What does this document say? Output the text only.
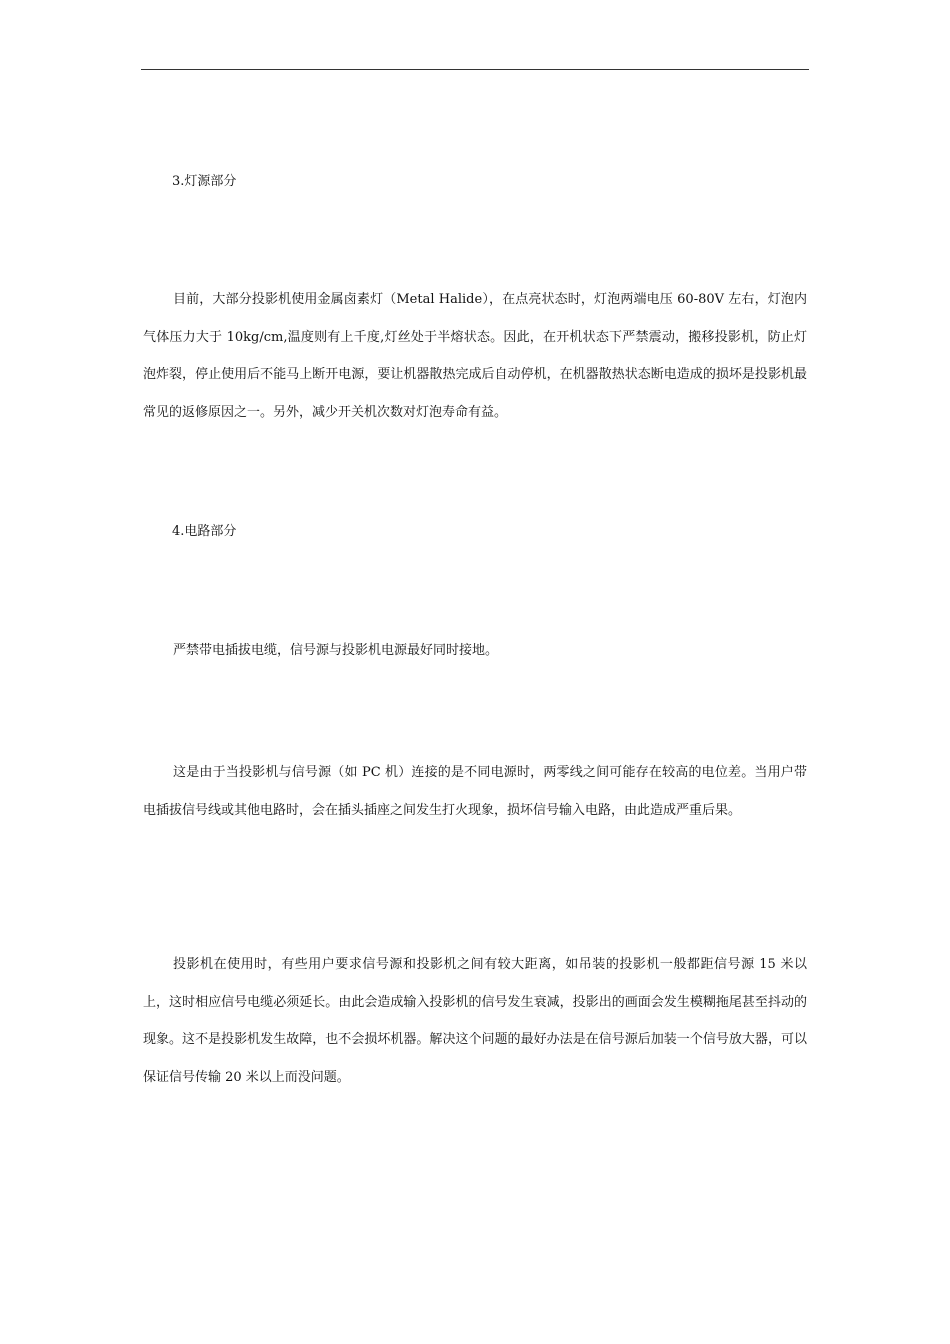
3.灯源部分

目前，大部分投影机使用金属卤素灯（Metal Halide），在点亮状态时，灯泡两端电压 60-80V 左右，灯泡内气体压力大于 10kg/cm,温度则有上千度,灯丝处于半熔状态。因此，在开机状态下严禁震动，搬移投影机，防止灯泡炸裂，停止使用后不能马上断开电源，要让机器散热完成后自动停机，在机器散热状态断电造成的损坏是投影机最常见的返修原因之一。另外，减少开关机次数对灯泡寿命有益。

4.电路部分

严禁带电插拔电缆，信号源与投影机电源最好同时接地。

这是由于当投影机与信号源（如 PC 机）连接的是不同电源时，两零线之间可能存在较高的电位差。当用户带电插拔信号线或其他电路时，会在插头插座之间发生打火现象，损坏信号输入电路，由此造成严重后果。

投影机在使用时，有些用户要求信号源和投影机之间有较大距离，如吊装的投影机一般都距信号源 15 米以上，这时相应信号电缆必须延长。由此会造成输入投影机的信号发生衰减，投影出的画面会发生模糊拖尾甚至抖动的现象。这不是投影机发生故障，也不会损坏机器。解决这个问题的最好办法是在信号源后加装一个信号放大器，可以保证信号传输 20 米以上而没问题。
